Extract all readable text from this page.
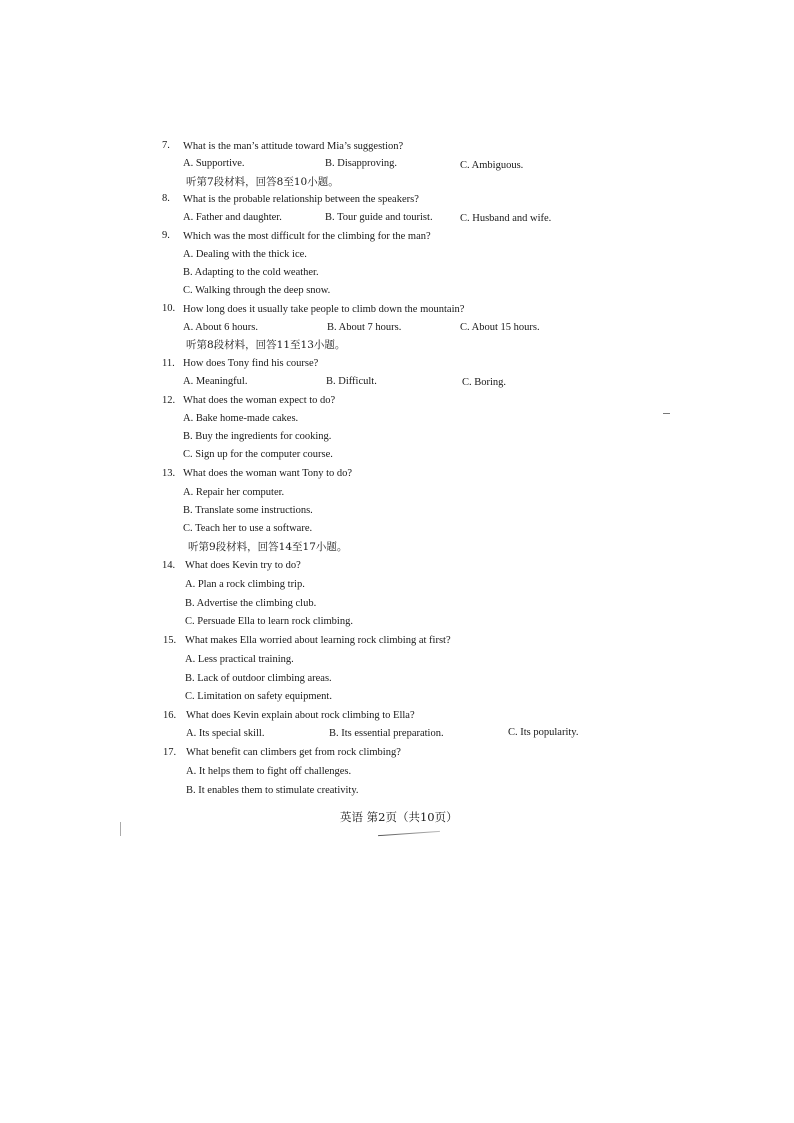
7. What is the man’s attitude toward Mia’s suggestion?
A. Supportive.	B. Disapproving.	C. Ambiguous.
听第7段材料，回答8至10小题。
8. What is the probable relationship between the speakers?
A. Father and daughter.	B. Tour guide and tourist.	C. Husband and wife.
9. Which was the most difficult for the climbing for the man?
A. Dealing with the thick ice.
B. Adapting to the cold weather.
C. Walking through the deep snow.
10. How long does it usually take people to climb down the mountain?
A. About 6 hours.	B. About 7 hours.	C. About 15 hours.
听第8段材料，回答11至13小题。
11. How does Tony find his course?
A. Meaningful.	B. Difficult.	C. Boring.
12. What does the woman expect to do?
A. Bake home-made cakes.
B. Buy the ingredients for cooking.
C. Sign up for the computer course.
13. What does the woman want Tony to do?
A. Repair her computer.
B. Translate some instructions.
C. Teach her to use a software.
听第9段材料，回答14至17小题。
14. What does Kevin try to do?
A. Plan a rock climbing trip.
B. Advertise the climbing club.
C. Persuade Ella to learn rock climbing.
15. What makes Ella worried about learning rock climbing at first?
A. Less practical training.
B. Lack of outdoor climbing areas.
C. Limitation on safety equipment.
16. What does Kevin explain about rock climbing to Ella?
A. Its special skill.	B. Its essential preparation.	C. Its popularity.
17. What benefit can climbers get from rock climbing?
A. It helps them to fight off challenges.
B. It enables them to stimulate creativity.
英语 第2页（共10页）
